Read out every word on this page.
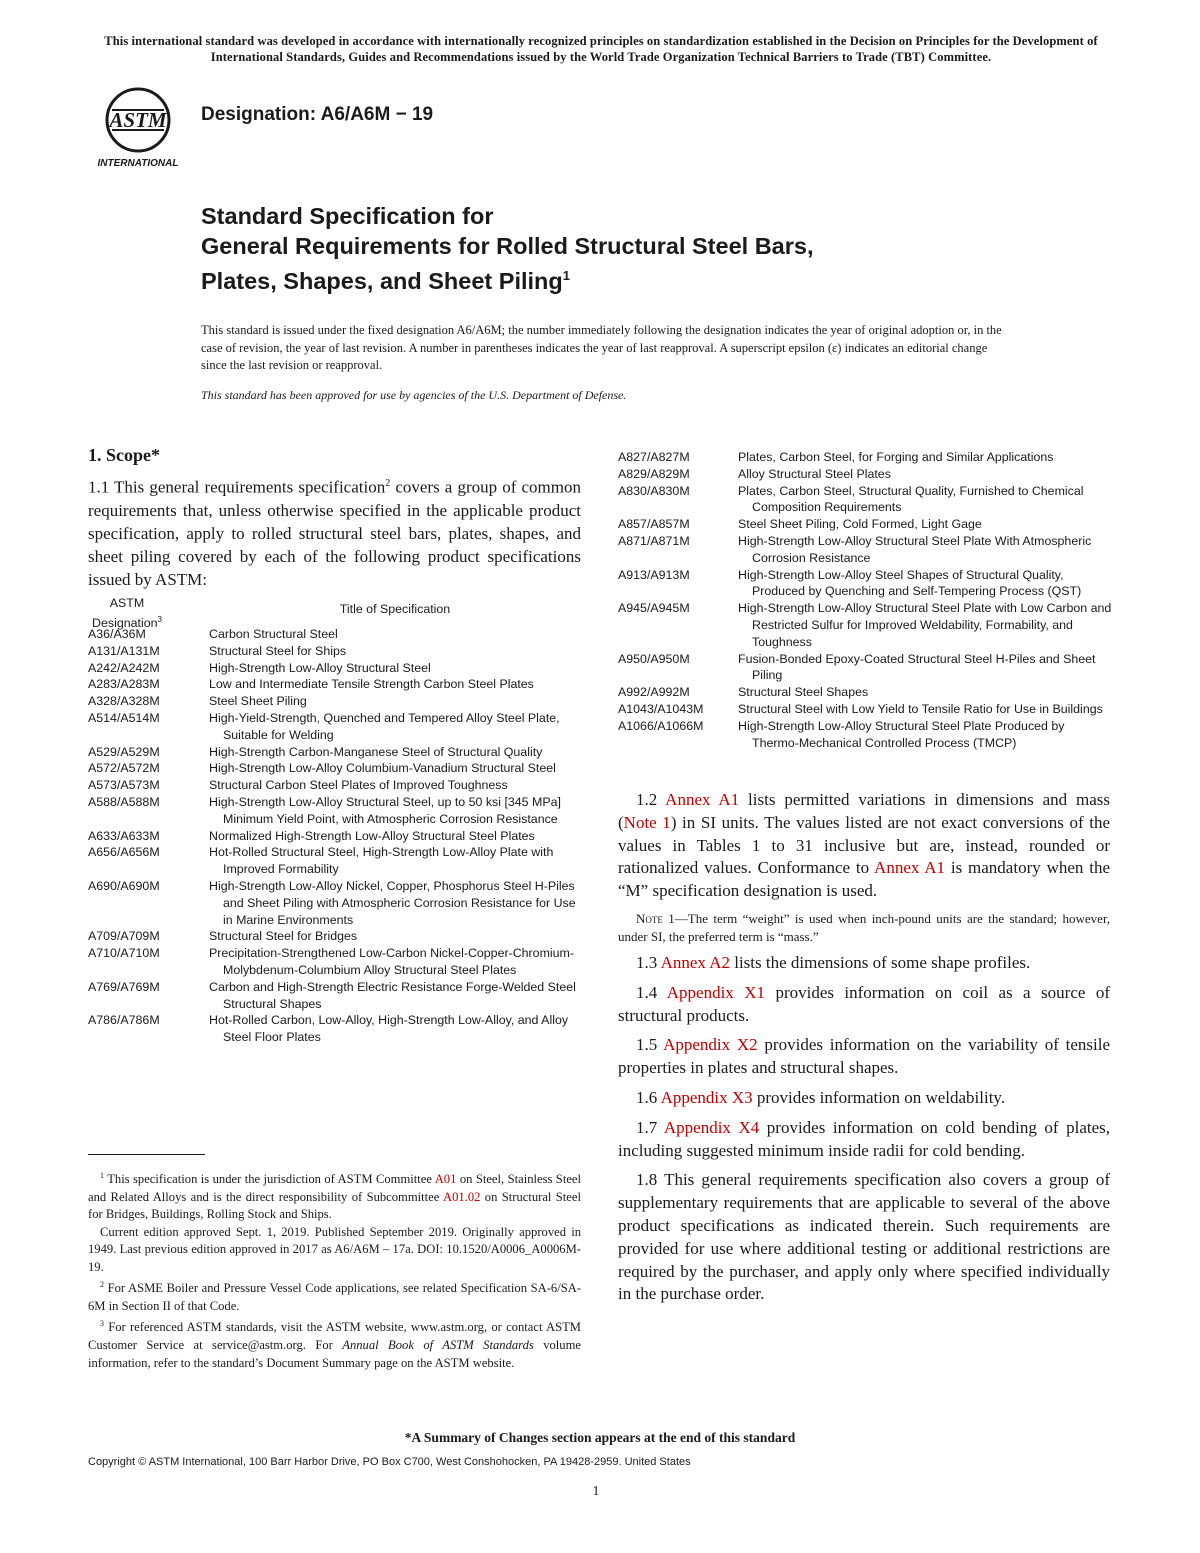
This international standard was developed in accordance with internationally recognized principles on standardization established in the Decision on Principles for the Development of International Standards, Guides and Recommendations issued by the World Trade Organization Technical Barriers to Trade (TBT) Committee.
ASTM
INTERNATIONAL
Designation: A6/A6M − 19
Standard Specification for
General Requirements for Rolled Structural Steel Bars,
Plates, Shapes, and Sheet Piling$^1$
This standard is issued under the fixed designation A6/A6M; the number immediately following the designation indicates the year of original adoption or, in the case of revision, the year of last revision. A number in parentheses indicates the year of last reapproval. A superscript epsilon (ε) indicates an editorial change since the last revision or reapproval.
This standard has been approved for use by agencies of the U.S. Department of Defense.
1. Scope*
1.1 This general requirements specification$^2$ covers a group of common requirements that, unless otherwise specified in the applicable product specification, apply to rolled structural steel bars, plates, shapes, and sheet piling covered by each of the following product specifications issued by ASTM:
ASTM
Designation$^3$
Title of Specification
A36/A36M	Carbon Structural Steel
A131/A131M	Structural Steel for Ships
A242/A242M	High-Strength Low-Alloy Structural Steel
A283/A283M	Low and Intermediate Tensile Strength Carbon Steel Plates
A328/A328M	Steel Sheet Piling
A514/A514M	High-Yield-Strength, Quenched and Tempered Alloy Steel Plate, Suitable for Welding
A529/A529M	High-Strength Carbon-Manganese Steel of Structural Quality
A572/A572M	High-Strength Low-Alloy Columbium-Vanadium Structural Steel
A573/A573M	Structural Carbon Steel Plates of Improved Toughness
A588/A588M	High-Strength Low-Alloy Structural Steel, up to 50 ksi [345 MPa] Minimum Yield Point, with Atmospheric Corrosion Resistance
A633/A633M	Normalized High-Strength Low-Alloy Structural Steel Plates
A656/A656M	Hot-Rolled Structural Steel, High-Strength Low-Alloy Plate with Improved Formability
A690/A690M	High-Strength Low-Alloy Nickel, Copper, Phosphorus Steel H-Piles and Sheet Piling with Atmospheric Corrosion Resistance for Use in Marine Environments
A709/A709M	Structural Steel for Bridges
A710/A710M	Precipitation-Strengthened Low-Carbon Nickel-Copper-Chromium-Molybdenum-Columbium Alloy Structural Steel Plates
A769/A769M	Carbon and High-Strength Electric Resistance Forge-Welded Steel Structural Shapes
A786/A786M	Hot-Rolled Carbon, Low-Alloy, High-Strength Low-Alloy, and Alloy Steel Floor Plates
A827/A827M	Plates, Carbon Steel, for Forging and Similar Applications
A829/A829M	Alloy Structural Steel Plates
A830/A830M	Plates, Carbon Steel, Structural Quality, Furnished to Chemical Composition Requirements
A857/A857M	Steel Sheet Piling, Cold Formed, Light Gage
A871/A871M	High-Strength Low-Alloy Structural Steel Plate With Atmospheric Corrosion Resistance
A913/A913M	High-Strength Low-Alloy Steel Shapes of Structural Quality, Produced by Quenching and Self-Tempering Process (QST)
A945/A945M	High-Strength Low-Alloy Structural Steel Plate with Low Carbon and Restricted Sulfur for Improved Weldability, Formability, and Toughness
A950/A950M	Fusion-Bonded Epoxy-Coated Structural Steel H-Piles and Sheet Piling
A992/A992M	Structural Steel Shapes
A1043/A1043M	Structural Steel with Low Yield to Tensile Ratio for Use in Buildings
A1066/A1066M	High-Strength Low-Alloy Structural Steel Plate Produced by Thermo-Mechanical Controlled Process (TMCP)

$^1$ This specification is under the jurisdiction of ASTM Committee A01 on Steel, Stainless Steel and Related Alloys and is the direct responsibility of Subcommittee A01.02 on Structural Steel for Bridges, Buildings, Rolling Stock and Ships.

Current edition approved Sept. 1, 2019. Published September 2019. Originally approved in 1949. Last previous edition approved in 2017 as A6/A6M – 17a. DOI: 10.1520/A0006_A0006M-19.

$^2$ For ASME Boiler and Pressure Vessel Code applications, see related Specification SA-6/SA-6M in Section II of that Code.

$^3$ For referenced ASTM standards, visit the ASTM website, www.astm.org, or contact ASTM Customer Service at service@astm.org. For Annual Book of ASTM Standards volume information, refer to the standard’s Document Summary page on the ASTM website.

1.2 Annex A1 lists permitted variations in dimensions and mass (Note 1) in SI units. The values listed are not exact conversions of the values in Tables 1 to 31 inclusive but are, instead, rounded or rationalized values. Conformance to Annex A1 is mandatory when the “M” specification designation is used.

Note 1—The term “weight” is used when inch-pound units are the standard; however, under SI, the preferred term is “mass.”

1.3 Annex A2 lists the dimensions of some shape profiles.

1.4 Appendix X1 provides information on coil as a source of structural products.

1.5 Appendix X2 provides information on the variability of tensile properties in plates and structural shapes.

1.6 Appendix X3 provides information on weldability.

1.7 Appendix X4 provides information on cold bending of plates, including suggested minimum inside radii for cold bending.

1.8 This general requirements specification also covers a group of supplementary requirements that are applicable to several of the above product specifications as indicated therein. Such requirements are provided for use where additional testing or additional restrictions are required by the purchaser, and apply only where specified individually in the purchase order.

*A Summary of Changes section appears at the end of this standard
Copyright © ASTM International, 100 Barr Harbor Drive, PO Box C700, West Conshohocken, PA 19428-2959. United States
1
